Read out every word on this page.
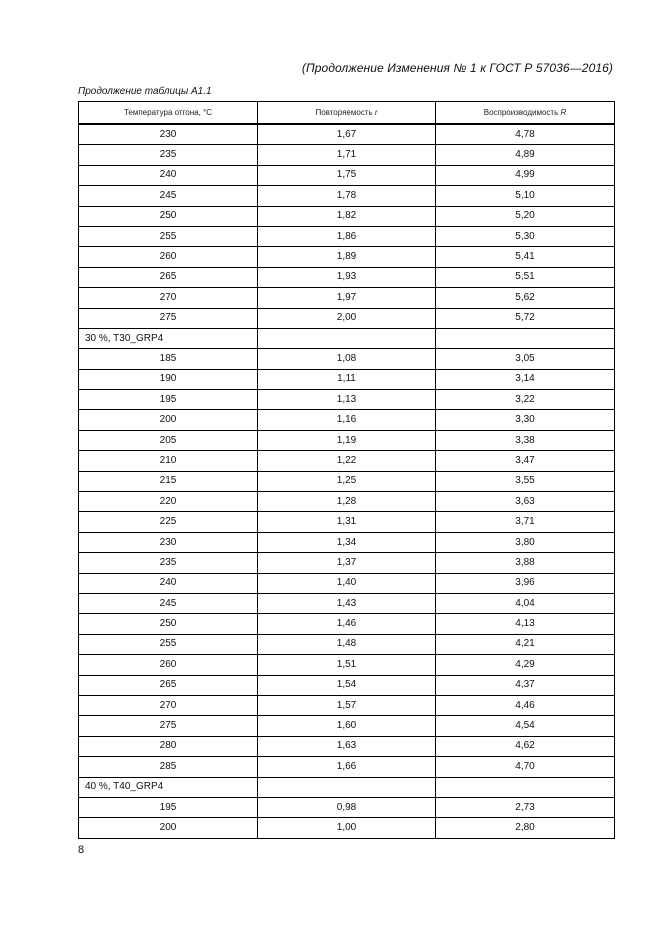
(Продолжение Изменения № 1 к ГОСТ Р 57036—2016)
Продолжение таблицы А1.1
Температура отгона, °С	Повторяемость r	Воспроизводимость R
230	1,67	4,78
235	1,71	4,89
240	1,75	4,99
245	1,78	5,10
250	1,82	5,20
255	1,86	5,30
260	1,89	5,41
265	1,93	5,51
270	1,97	5,62
275	2,00	5,72
30 %, T30_GRP4		
185	1,08	3,05
190	1,11	3,14
195	1,13	3,22
200	1,16	3,30
205	1,19	3,38
210	1,22	3,47
215	1,25	3,55
220	1,28	3,63
225	1,31	3,71
230	1,34	3,80
235	1,37	3,88
240	1,40	3,96
245	1,43	4,04
250	1,46	4,13
255	1,48	4,21
260	1,51	4,29
265	1,54	4,37
270	1,57	4,46
275	1,60	4,54
280	1,63	4,62
285	1,66	4,70
40 %, T40_GRP4		
195	0,98	2,73
200	1,00	2,80
8
